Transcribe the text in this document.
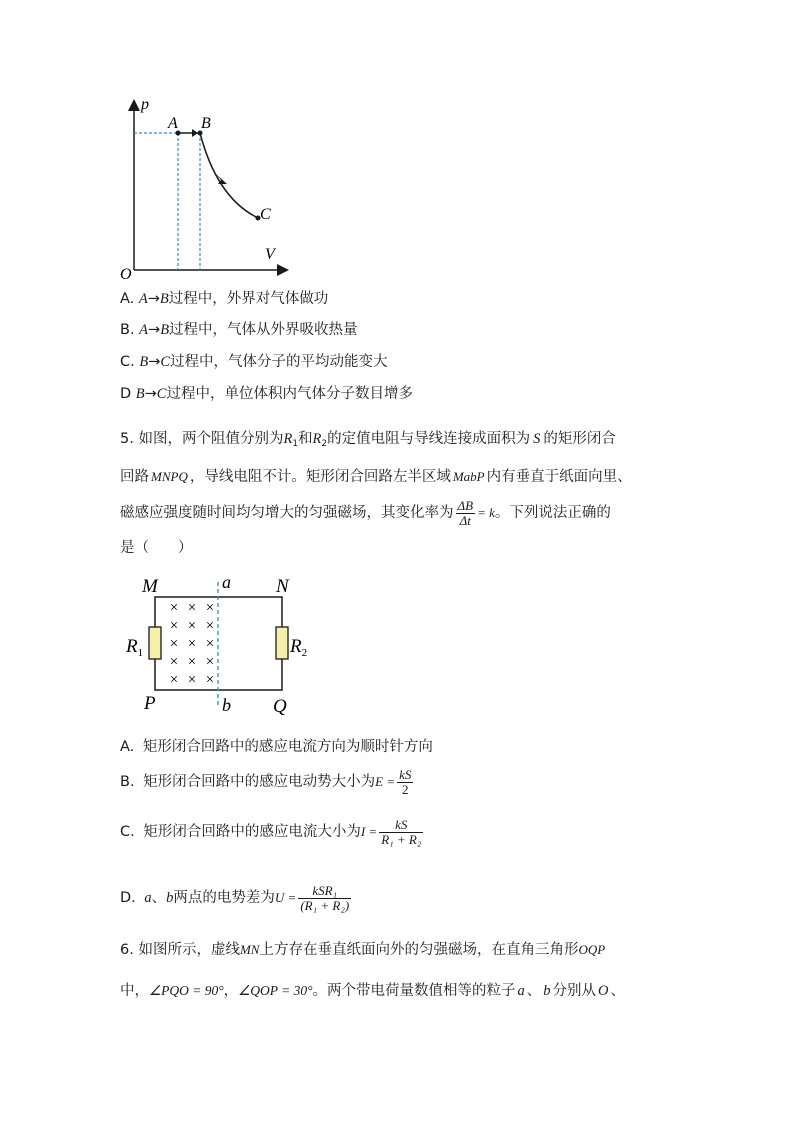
p
V
O
A B
C
A. A→B过程中，外界对气体做功
B. A→B过程中，气体从外界吸收热量
C. B→C过程中，气体分子的平均动能变大
D B→C过程中，单位体积内气体分子数目增多
5. 如图，两个阻值分别为$R_1$和$R_2$的定值电阻与导线连接成面积为 S 的矩形闭合
回路 MNPQ ，导线电阻不计。矩形闭合回路左半区域 MabP 内有垂直于纸面向里、
磁感应强度随时间均匀增大的匀强磁场，其变化率为 $\frac{\Delta B}{\Delta t} = k$。下列说法正确的
是（　　）
× × ×
× × ×
× × ×
× × ×
× × ×
M	a N
P	b Q
$R_1$	$R_2$
A. 矩形闭合回路中的感应电流方向为顺时针方向
B. 矩形闭合回路中的感应电动势大小为$E = \frac{kS}{2}$
C. 矩形闭合回路中的感应电流大小为$I = \frac{kS}{\text{R₁ + R₂}}$
D. a、b两点的电势差为$U = \frac{\text{kSR₁}}{\text{(R₁ + R₂)}}$
6. 如图所示，虚线MN上方存在垂直纸面向外的匀强磁场，在直角三角形OQP
中，∠PQO = 90°，∠QOP = 30°。两个带电荷量数值相等的粒子 a 、 b 分别从 O 、
